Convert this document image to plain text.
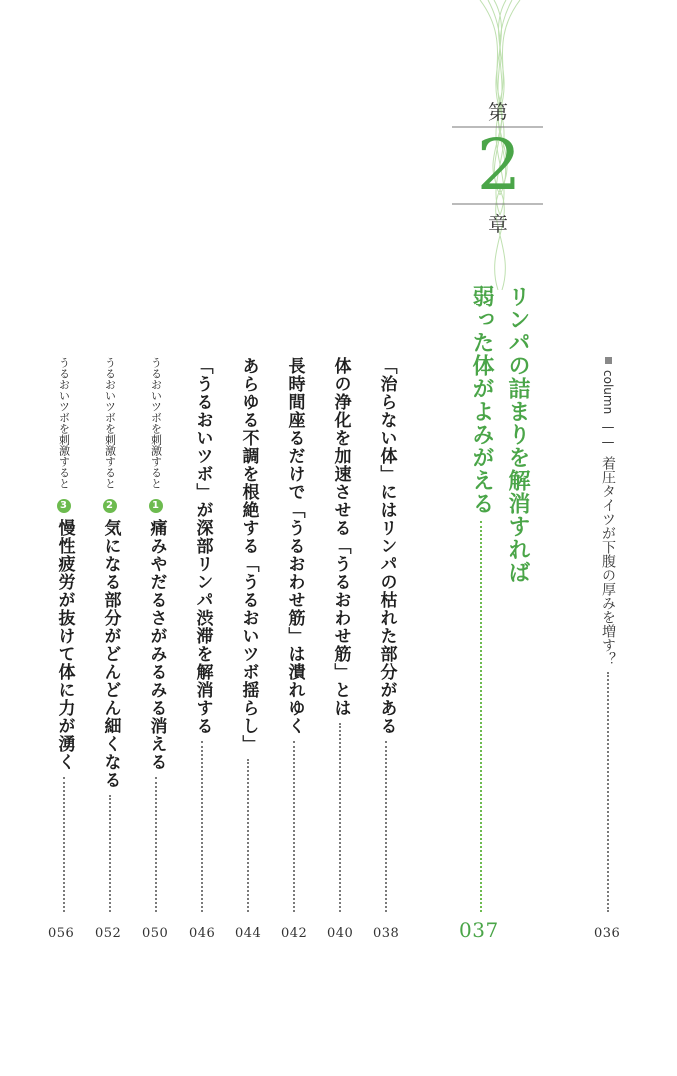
第
2
章
リンパの詰まりを解消すれば
弱った体がよみがえる
037
column
——
着圧タイツが下腹の厚みを増す？
036
「治らない体」にはリンパの枯れた部分がある
038
体の浄化を加速させる「うるおわせ筋」とは
040
長時間座るだけで「うるおわせ筋」は潰れゆく
042
あらゆる不調を根絶する「うるおいツボ揺らし」
044
「うるおいツボ」が深部リンパ渋滞を解消する
046
うるおいツボを刺激すると
1
痛みやだるさがみるみる消える
050
うるおいツボを刺激すると
2
気になる部分がどんどん細くなる
052
うるおいツボを刺激すると
3
慢性疲労が抜けて体に力が湧く
056
